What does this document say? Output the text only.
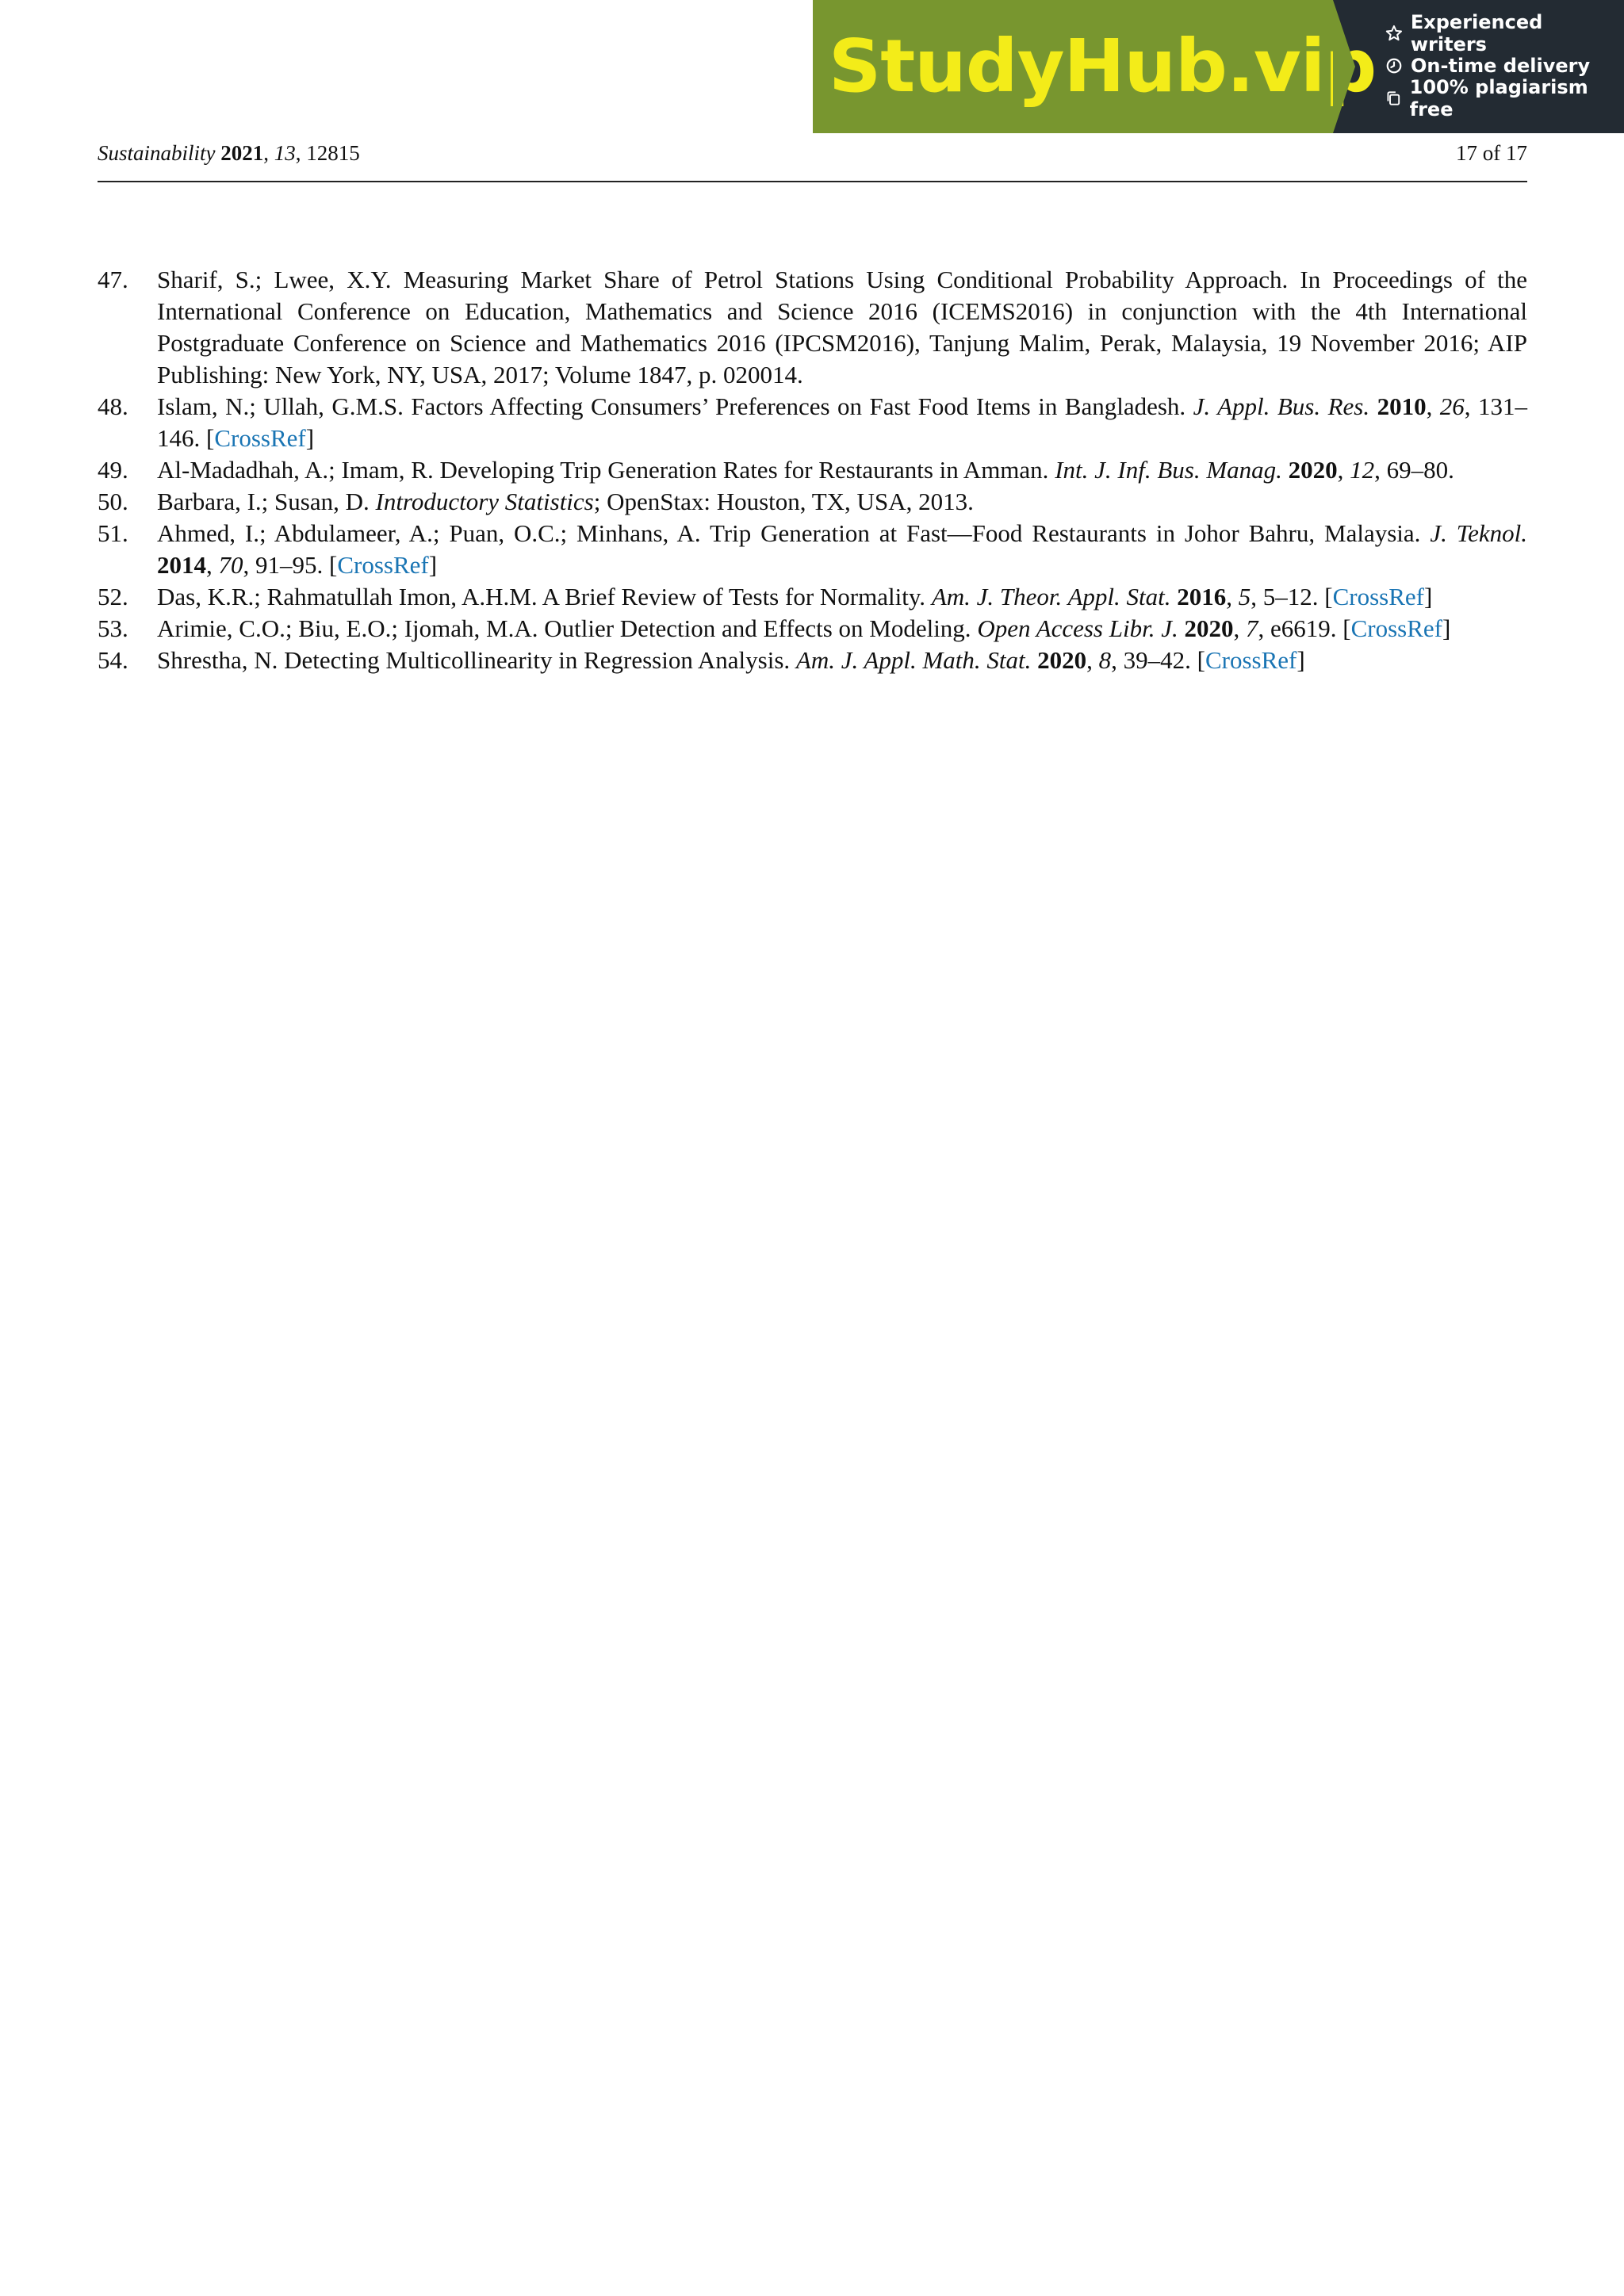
StudyHub.vip
Experienced writers
On-time delivery
100% plagiarism free
Sustainability 2021, 13, 12815	17 of 17
47.	Sharif, S.; Lwee, X.Y. Measuring Market Share of Petrol Stations Using Conditional Probability Approach. In Proceedings of the International Conference on Education, Mathematics and Science 2016 (ICEMS2016) in conjunction with the 4th International Postgraduate Conference on Science and Mathematics 2016 (IPCSM2016), Tanjung Malim, Perak, Malaysia, 19 November 2016; AIP Publishing: New York, NY, USA, 2017; Volume 1847, p. 020014.
48.	Islam, N.; Ullah, G.M.S. Factors Affecting Consumers’ Preferences on Fast Food Items in Bangladesh. J. Appl. Bus. Res. 2010, 26, 131–146. [CrossRef]
49.	Al-Madadhah, A.; Imam, R. Developing Trip Generation Rates for Restaurants in Amman. Int. J. Inf. Bus. Manag. 2020, 12, 69–80.
50.	Barbara, I.; Susan, D. Introductory Statistics; OpenStax: Houston, TX, USA, 2013.
51.	Ahmed, I.; Abdulameer, A.; Puan, O.C.; Minhans, A. Trip Generation at Fast—Food Restaurants in Johor Bahru, Malaysia. J. Teknol. 2014, 70, 91–95. [CrossRef]
52.	Das, K.R.; Rahmatullah Imon, A.H.M. A Brief Review of Tests for Normality. Am. J. Theor. Appl. Stat. 2016, 5, 5–12. [CrossRef]
53.	Arimie, C.O.; Biu, E.O.; Ijomah, M.A. Outlier Detection and Effects on Modeling. Open Access Libr. J. 2020, 7, e6619. [CrossRef]
54.	Shrestha, N. Detecting Multicollinearity in Regression Analysis. Am. J. Appl. Math. Stat. 2020, 8, 39–42. [CrossRef]
